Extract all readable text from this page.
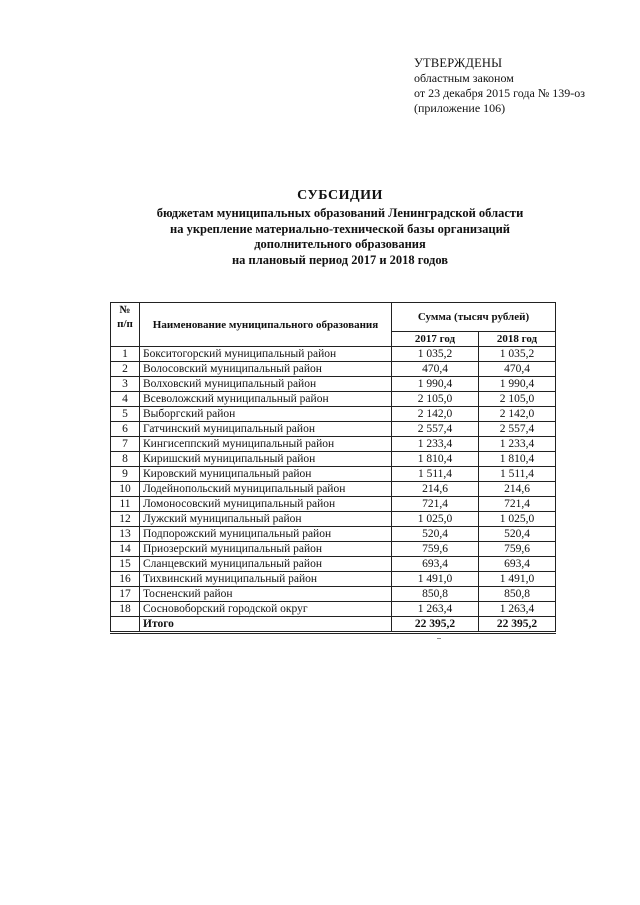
УТВЕРЖДЕНЫ
областным законом
от 23 декабря 2015 года № 139-оз
(приложение 106)
СУБСИДИИ
бюджетам муниципальных образований Ленинградской области
на укрепление материально-технической базы организаций
дополнительного образования
на плановый период 2017 и 2018 годов
№ п/п	Наименование муниципального образования	Сумма (тысяч рублей)	
		2017 год	2018 год
1	Бокситогорский муниципальный район	1 035,2	1 035,2
2	Волосовский муниципальный район	470,4	470,4
3	Волховский муниципальный район	1 990,4	1 990,4
4	Всеволожский муниципальный район	2 105,0	2 105,0
5	Выборгский район	2 142,0	2 142,0
6	Гатчинский муниципальный район	2 557,4	2 557,4
7	Кингисеппский муниципальный район	1 233,4	1 233,4
8	Киришский муниципальный район	1 810,4	1 810,4
9	Кировский муниципальный район	1 511,4	1 511,4
10	Лодейнопольский муниципальный район	214,6	214,6
11	Ломоносовский муниципальный район	721,4	721,4
12	Лужский муниципальный район	1 025,0	1 025,0
13	Подпорожский муниципальный район	520,4	520,4
14	Приозерский муниципальный район	759,6	759,6
15	Сланцевский муниципальный район	693,4	693,4
16	Тихвинский муниципальный район	1 491,0	1 491,0
17	Тосненский район	850,8	850,8
18	Сосновоборский городской округ	1 263,4	1 263,4
	Итого	22 395,2	22 395,2
